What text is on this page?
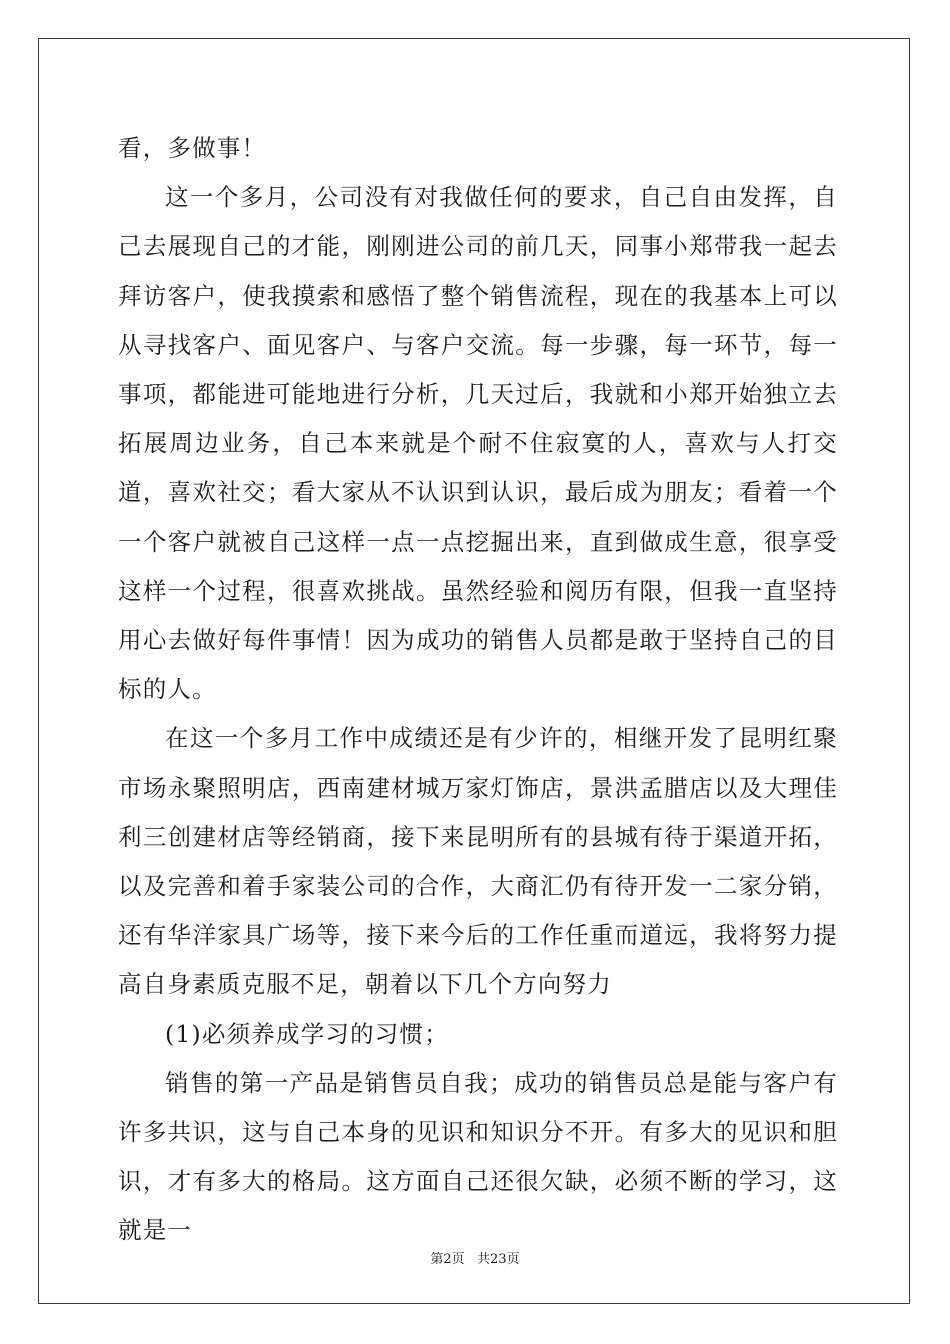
看，多做事！

这一个多月，公司没有对我做任何的要求，自己自由发挥，自己去展现自己的才能，刚刚进公司的前几天，同事小郑带我一起去拜访客户，使我摸索和感悟了整个销售流程，现在的我基本上可以从寻找客户、面见客户、与客户交流。每一步骤，每一环节，每一事项，都能进可能地进行分析，几天过后，我就和小郑开始独立去拓展周边业务，自己本来就是个耐不住寂寞的人，喜欢与人打交道，喜欢社交；看大家从不认识到认识，最后成为朋友；看着一个一个客户就被自己这样一点一点挖掘出来，直到做成生意，很享受这样一个过程，很喜欢挑战。虽然经验和阅历有限，但我一直坚持用心去做好每件事情！因为成功的销售人员都是敢于坚持自己的目标的人。

在这一个多月工作中成绩还是有少许的，相继开发了昆明红聚市场永聚照明店，西南建材城万家灯饰店，景洪孟腊店以及大理佳利三创建材店等经销商，接下来昆明所有的县城有待于渠道开拓，以及完善和着手家装公司的合作，大商汇仍有待开发一二家分销，还有华洋家具广场等，接下来今后的工作任重而道远，我将努力提高自身素质克服不足，朝着以下几个方向努力

(1)必须养成学习的习惯；

销售的第一产品是销售员自我；成功的销售员总是能与客户有许多共识，这与自己本身的见识和知识分不开。有多大的见识和胆识，才有多大的格局。这方面自己还很欠缺，必须不断的学习，这就是一

第2页   共23页
